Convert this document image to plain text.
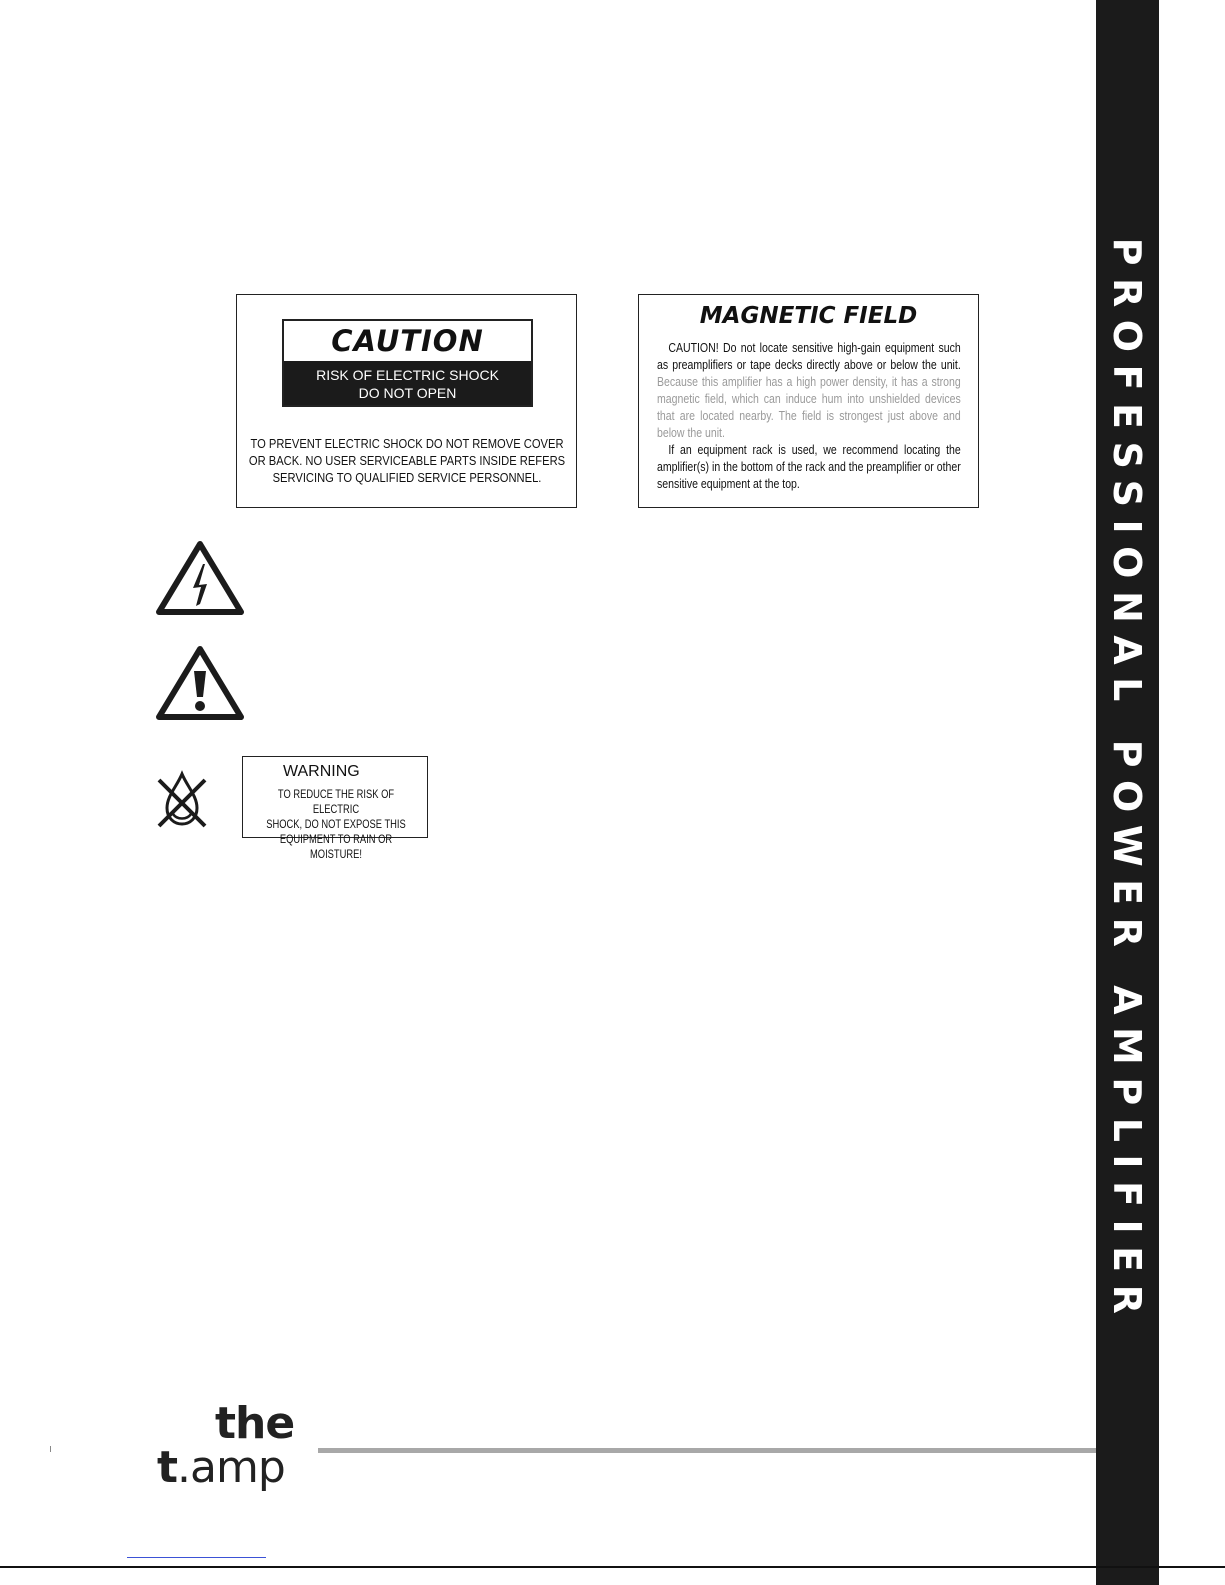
PROFESSIONAL POWER AMPLIFIER
CAUTION
RISK OF ELECTRIC SHOCK
DO NOT OPEN
TO PREVENT ELECTRIC SHOCK DO NOT REMOVE COVER
OR BACK. NO USER SERVICEABLE PARTS INSIDE REFERS
SERVICING TO QUALIFIED SERVICE PERSONNEL.
MAGNETIC FIELD

CAUTION! Do not locate sensitive high-gain equipment such as preamplifiers or tape decks directly above or below the unit. Because this amplifier has a high power density, it has a strong magnetic field, which can induce hum into unshielded devices that are located nearby. The field is strongest just above and below the unit.

If an equipment rack is used, we recommend locating the amplifier(s) in the bottom of the rack and the preamplifier or other sensitive equipment at the top.

WARNING
TO REDUCE THE RISK OF ELECTRIC
SHOCK, DO NOT EXPOSE THIS
EQUIPMENT TO RAIN OR MOISTURE!
the
t.amp
